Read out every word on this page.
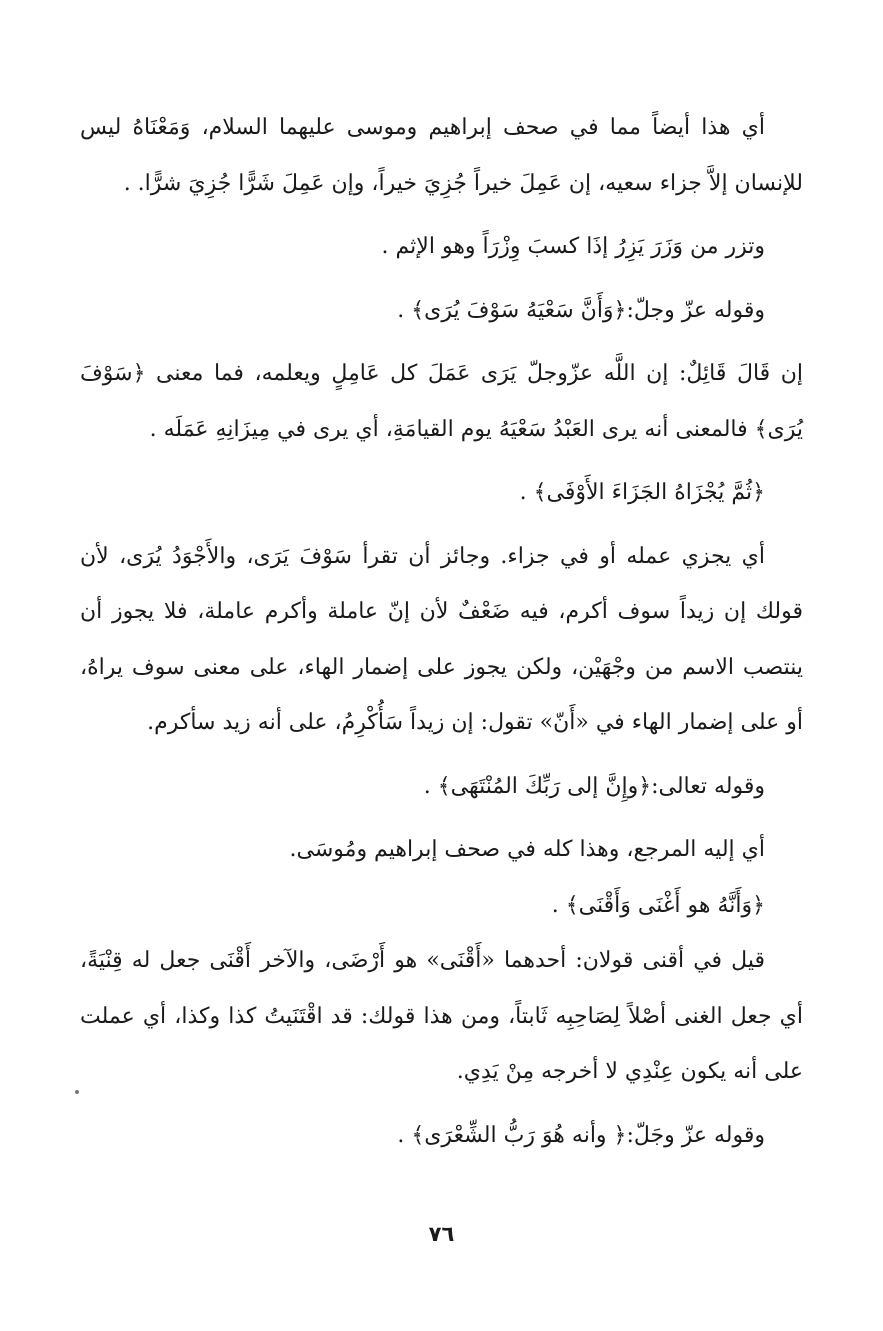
أي هذا أيضاً مما في صحف إبراهيم وموسى عليهما السلام، وَمَعْنَاهُ ليس للإنسان إلاَّ جزاء سعيه، إن عَمِلَ خيراً جُزِيَ خيراً، وإن عَمِلَ شَرًّا جُزِيَ شرًّا. .

وتزر من وَزَرَ يَزِرُ إذَا كسبَ وِزْرَاً وهو الإثم .

وقوله عزّ وجلّ:﴿وَأَنَّ سَعْيَهُ سَوْفَ يُرَى﴾ .

إن قَالَ قَائِلٌ: إن اللَّه عزّوجلّ يَرَى عَمَلَ كل عَامِلٍ ويعلمه، فما معنى ﴿سَوْفَ يُرَى﴾ فالمعنى أنه يرى العَبْدُ سَعْيَهُ يوم القيامَةِ، أي يرى في مِيزَانِهِ عَمَلَه .

﴿ثُمَّ يُجْزَاهُ الجَزَاءَ الأَوْفَى﴾ .

أي يجزي عمله أو في جزاء. وجائز أن تقرأ سَوْفَ يَرَى، والأَجْوَدُ يُرَى، لأن قولك إن زيداً سوف أكرم، فيه ضَعْفٌ لأن إنّ عاملة وأكرم عاملة، فلا يجوز أن ينتصب الاسم من وجْهَيْن، ولكن يجوز على إضمار الهاء، على معنى سوف يراهُ، أو على إضمار الهاء في «أَنّ» تقول: إن زيداً سَأُكْرِمُ، على أنه زيد سأكرم.

وقوله تعالى:﴿وإِنَّ إلى رَبِّكَ المُنْتَهَى﴾ .

أي إليه المرجع، وهذا كله في صحف إبراهيم ومُوسَى.

﴿وَأَنَّهُ هو أَغْنَى وَأَقْنَى﴾ .

قيل في أقنى قولان: أحدهما «أَقْنَى» هو أَرْضَى، والآخر أَقْنَى جعل له قِنْيَةً، أي جعل الغنى أصْلاً لِصَاحِبِه ثَابتاً، ومن هذا قولك: قد اقْتَنَيتُ كذا وكذا، أي عملت على أنه يكون عِنْدِي لا أخرجه مِنْ يَدِي.

وقوله عزّ وجَلّ:﴿ وأنه هُوَ رَبُّ الشِّعْرَى﴾ .

٧٦
